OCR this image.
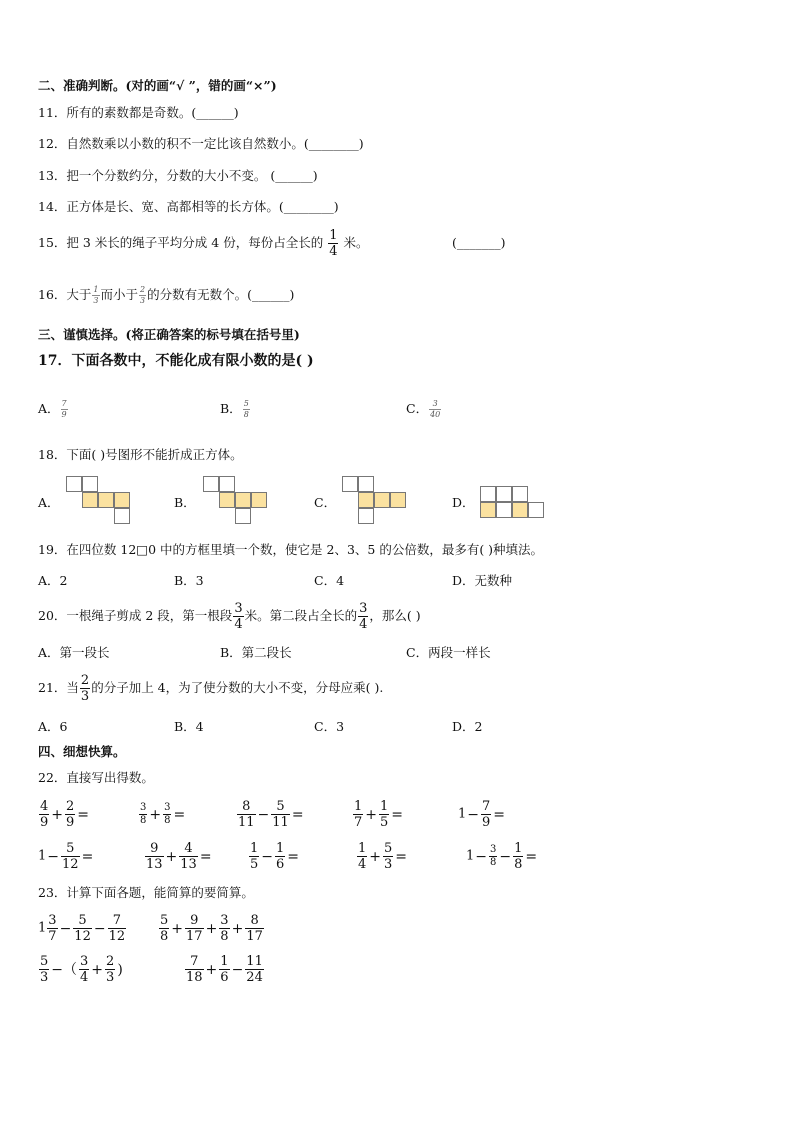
二、准确判断。(对的画“√ ”，错的画“×”)
11．所有的素数都是奇数。(______)
12．自然数乘以小数的积不一定比该自然数小。(________)
13．把一个分数约分，分数的大小不变。 (______)
14．正方体是长、宽、高都相等的长方体。(________)
15．把 3 米长的绳子平均分成 4 份，每份占全长的 $\frac{1}{4}$ 米。	(_______)
16．大于 $\frac{1}{3}$ 而小于 $\frac{2}{3}$ 的分数有无数个。(______)
三、谨慎选择。(将正确答案的标号填在括号里)
17．下面各数中，不能化成有限小数的是( )
A． $\frac{7}{9}$	B． $\frac{5}{8}$	C． $\frac{3}{40}$
18．下面( )号图形不能折成正方体。
A．	B．	C．	D．
19．在四位数 12□0 中的方框里填一个数，使它是 2、3、5 的公倍数，最多有( )种填法。
A．2	B．3	C．4	D．无数种
20．一根绳子剪成 2 段，第一根段 $\frac{3}{4}$ 米。第二段占全长的 $\frac{3}{4}$ ，那么( )
A．第一段长	B．第二段长	C．两段一样长
21．当 $\frac{2}{3}$ 的分子加上 4，为了使分数的大小不变，分母应乘( ).
A．6	B．4	C．3	D．2
四、细想快算。
22．直接写出得数。
$\frac{4}{9} + \frac{2}{9}$ =	$\frac{3}{8} + \frac{3}{8}$ =	$\frac{8}{11} - \frac{5}{11}$ =	$\frac{1}{7} + \frac{1}{5}$ =	$1- \frac{7}{9}$ =
$1- \frac{5}{12}$ =	$\frac{9}{13} + \frac{4}{13}$ =	$\frac{1}{5} - \frac{1}{6}$ =	$\frac{1}{4} + \frac{5}{3}$ =	$1- \frac{3}{8} - \frac{1}{8}$ =
23．计算下面各题，能简算的要简算。
$1 \frac{3}{7} - \frac{5}{12} - \frac{7}{12}$	$\frac{5}{8} + \frac{9}{17} + \frac{3}{8} + \frac{8}{17}$
$\frac{5}{3}$ −（ $\frac{3}{4} + \frac{2}{3}$ )	$\frac{7}{18} + \frac{1}{6} - \frac{11}{24}$
